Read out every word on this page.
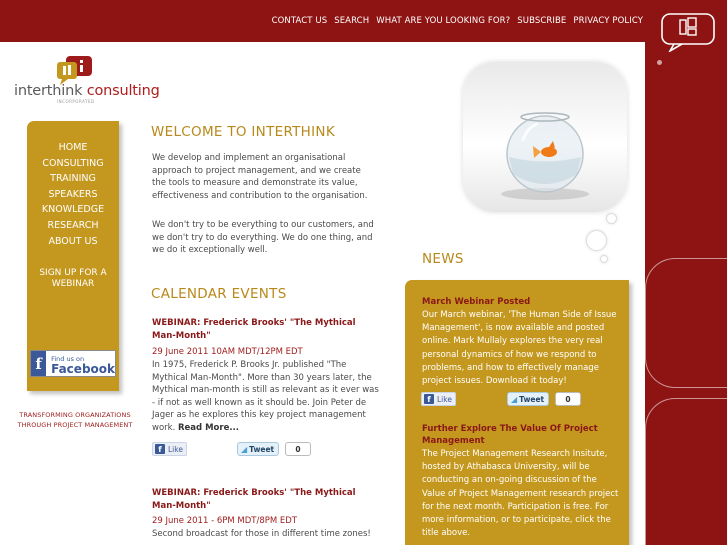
CONTACT US SEARCH WHAT ARE YOU LOOKING FOR? SUBSCRIBE PRIVACY POLICY
interthink consulting
INCORPORATED
HOME
CONSULTING
TRAINING
SPEAKERS
KNOWLEDGE
RESEARCH
ABOUT US
SIGN UP FOR A WEBINAR
f	Find us on
Facebook
TRANSFORMING ORGANIZATIONS THROUGH PROJECT MANAGEMENT
WELCOME TO INTERTHINK
We develop and implement an organisational approach to project management, and we create the tools to measure and demonstrate its value, effectiveness and contribution to the organisation.
We don't try to be everything to our customers, and we don't try to do everything. We do one thing, and we do it exceptionally well.
CALENDAR EVENTS
WEBINAR: Frederick Brooks' "The Mythical Man-Month"
29 June 2011 10AM MDT/12PM EDT
In 1975, Frederick P. Brooks Jr. published "The Mythical Man-Month". More than 30 years later, the Mythical man-month is still as relevant as it ever was - if not as well known as it should be. Join Peter de Jager as he explores this key project management work. Read More...
f Like	◢ Tweet	0
WEBINAR: Frederick Brooks' "The Mythical Man-Month"
29 June 2011 - 6PM MDT/8PM EDT
Second broadcast for those in different time zones!
NEWS
March Webinar Posted
Our March webinar, 'The Human Side of Issue Management', is now available and posted online. Mark Mullaly explores the very real personal dynamics of how we respond to problems, and how to effectively manage project issues. Download it today!
f Like	◢ Tweet	0
Further Explore The Value Of Project Management
The Project Management Research Insitute, hosted by Athabasca University, will be conducting an on-going discussion of the Value of Project Management research project for the next month. Participation is free. For more information, or to participate, click the title above.
